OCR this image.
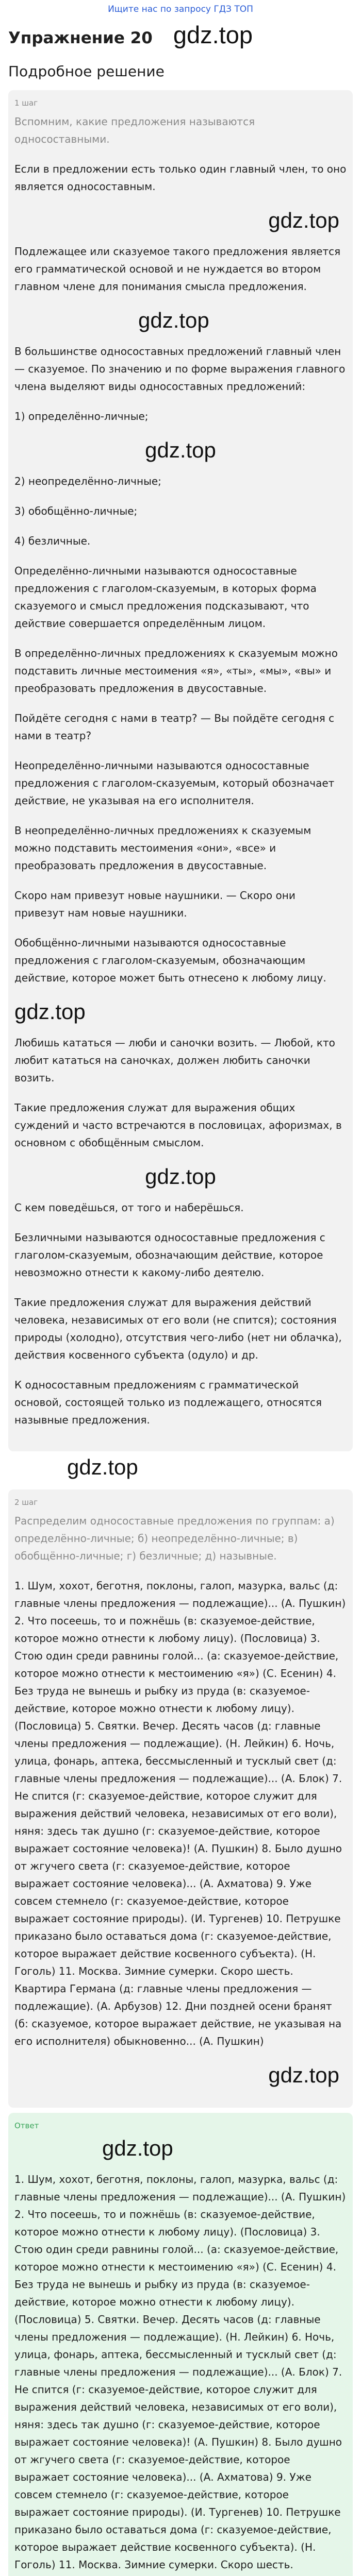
Ищите нас по запросу ГДЗ ТОП
Упражнение 20 gdz.top
Подробное решение
1 шаг

Вспомним, какие предложения называются односоставными.

Если в предложении есть только один главный член, то оно является односоставным.

gdz.top

Подлежащее или сказуемое такого предложения является его грамматической основой и не нуждается во втором главном члене для понимания смысла предложения.

gdz.top

В большинстве односоставных предложений главный член — сказуемое. По значению и по форме выражения главного члена выделяют виды односоставных предложений:

1) определённо-личные;

gdz.top

2) неопределённо-личные;

3) обобщённо-личные;

4) безличные.

Определённо-личными называются односоставные предложения с глаголом-сказуемым, в которых форма сказуемого и смысл предложения подсказывают, что действие совершается определённым лицом.

В определённо-личных предложениях к сказуемым можно подставить личные местоимения «я», «ты», «мы», «вы» и преобразовать предложения в двусоставные.

Пойдёте сегодня с нами в театр? — Вы пойдёте сегодня с нами в театр?

Неопределённо-личными называются односоставные предложения с глаголом-сказуемым, который обозначает действие, не указывая на его исполнителя.

В неопределённо-личных предложениях к сказуемым можно подставить местоимения «они», «все» и преобразовать предложения в двусоставные.

Скоро нам привезут новые наушники. — Скоро они привезут нам новые наушники.

Обобщённо-личными называются односоставные предложения с глаголом-сказуемым, обозначающим действие, которое может быть отнесено к любому лицу.

gdz.top

Любишь кататься — люби и саночки возить. — Любой, кто любит кататься на саночках, должен любить саночки возить.

Такие предложения служат для выражения общих суждений и часто встречаются в пословицах, афоризмах, в основном с обобщённым смыслом.

gdz.top

С кем поведёшься, от того и наберёшься.

Безличными называются односоставные предложения с глаголом-сказуемым, обозначающим действие, которое невозможно отнести к какому-либо деятелю.

Такие предложения служат для выражения действий человека, независимых от его воли (не спится); состояния природы (холодно), отсутствия чего-либо (нет ни облачка), действия косвенного субъекта (одуло) и др.

К односоставным предложениям с грамматической основой, состоящей только из подлежащего, относятся назывные предложения.

gdz.top
2 шаг

Распределим односоставные предложения по группам: а) определённо-личные; б) неопределённо-личные; в) обобщённо-личные; г) безличные; д) назывные.

1. Шум, хохот, беготня, поклоны, галоп, мазурка, вальс (д: главные члены предложения — подлежащие)... (А. Пушкин) 2. Что посеешь, то и пожнёшь (в: сказуемое-действие, которое можно отнести к любому лицу). (Пословица) 3. Стою один среди равнины голой... (а: сказуемое-действие, которое можно отнести к местоимению «я») (С. Есенин) 4. Без труда не вынешь и рыбку из пруда (в: сказуемое-действие, которое можно отнести к любому лицу). (Пословица) 5. Святки. Вечер. Десять часов (д: главные члены предложения — подлежащие). (Н. Лейкин) 6. Ночь, улица, фонарь, аптека, бессмысленный и тусклый свет (д: главные члены предложения — подлежащие)... (А. Блок) 7. Не спится (г: сказуемое-действие, которое служит для выражения действий человека, независимых от его воли), няня: здесь так душно (г: сказуемое-действие, которое выражает состояние человека)! (А. Пушкин) 8. Было душно от жгучего света (г: сказуемое-действие, которое выражает состояние человека)... (А. Ахматова) 9. Уже совсем стемнело (г: сказуемое-действие, которое выражает состояние природы). (И. Тургенев) 10. Петрушке приказано было оставаться дома (г: сказуемое-действие, которое выражает действие косвенного субъекта). (Н. Гоголь) 11. Москва. Зимние сумерки. Скоро шесть. Квартира Германа (д: главные члены предложения — подлежащие). (А. Арбузов) 12. Дни поздней осени бранят (б: сказуемое, которое выражает действие, не указывая на его исполнителя) обыкновенно... (А. Пушкин)

gdz.top
Ответ
gdz.top

1. Шум, хохот, беготня, поклоны, галоп, мазурка, вальс (д: главные члены предложения — подлежащие)... (А. Пушкин) 2. Что посеешь, то и пожнёшь (в: сказуемое-действие, которое можно отнести к любому лицу). (Пословица) 3. Стою один среди равнины голой... (а: сказуемое-действие, которое можно отнести к местоимению «я») (С. Есенин) 4. Без труда не вынешь и рыбку из пруда (в: сказуемое-действие, которое можно отнести к любому лицу). (Пословица) 5. Святки. Вечер. Десять часов (д: главные члены предложения — подлежащие). (Н. Лейкин) 6. Ночь, улица, фонарь, аптека, бессмысленный и тусклый свет (д: главные члены предложения — подлежащие)... (А. Блок) 7. Не спится (г: сказуемое-действие, которое служит для выражения действий человека, независимых от его воли), няня: здесь так душно (г: сказуемое-действие, которое выражает состояние человека)! (А. Пушкин) 8. Было душно от жгучего света (г: сказуемое-действие, которое выражает состояние человека)... (А. Ахматова) 9. Уже совсем стемнело (г: сказуемое-действие, которое выражает состояние природы). (И. Тургенев) 10. Петрушке приказано было оставаться дома (г: сказуемое-действие, которое выражает действие косвенного субъекта). (Н. Гоголь) 11. Москва. Зимние сумерки. Скоро шесть.
